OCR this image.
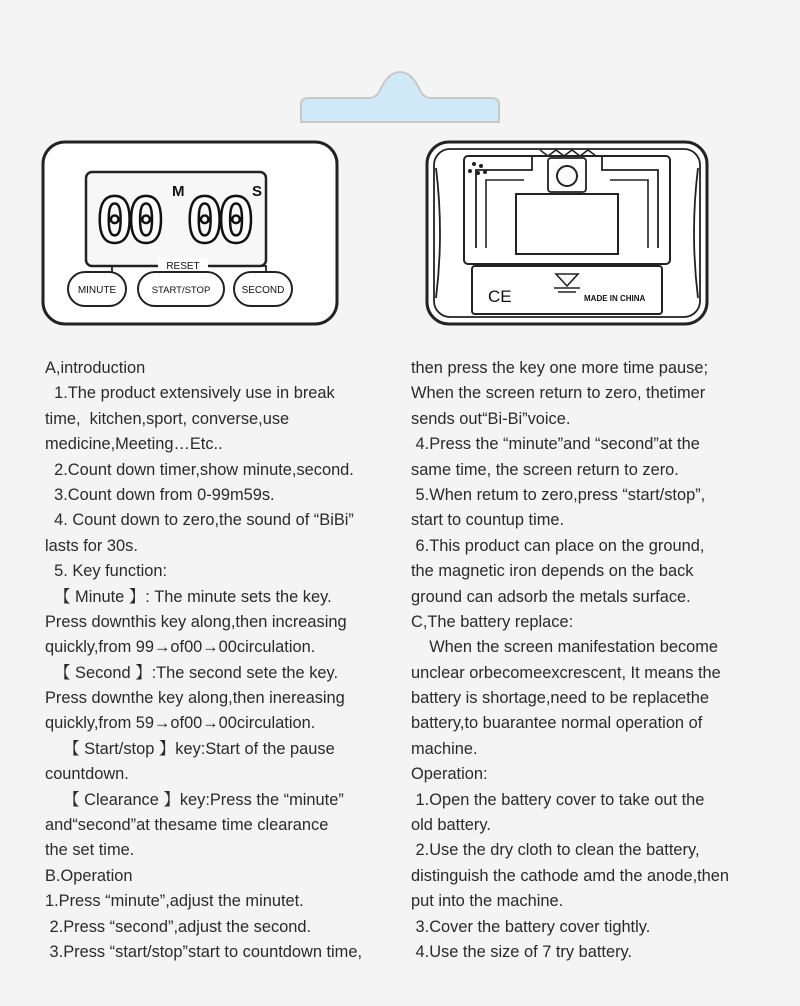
00 M 00 S
RESET
MINUTE	START/STOP	SECOND	CE	MADE IN CHINA
A,introduction
1.The product extensively use in break
time,  kitchen,sport, converse,use
medicine,Meeting…Etc..
2.Count down timer,show minute,second.
3.Count down from 0-99m59s.
4. Count down to zero,the sound of “BiBi”
lasts for 30s.
5. Key function:
【 Minute 】: The minute sets the key.
Press downthis key along,then increasing
quickly,from 99→of00→00circulation.
【 Second 】:The second sete the key.
Press downthe key along,then inereasing
quickly,from 59→of00→00circulation.
【 Start/stop 】key:Start of the pause
countdown.
【 Clearance 】key:Press the “minute”
and“second”at thesame time clearance
the set time.
B.Operation
1.Press “minute”,adjust the minutet.
2.Press “second”,adjust the second.
3.Press “start/stop”start to countdown time,
then press the key one more time pause;
When the screen return to zero, thetimer
sends out“Bi-Bi”voice.
4.Press the “minute”and “second”at the
same time, the screen return to zero.
5.When retum to zero,press “start/stop”,
start to countup time.
6.This product can place on the ground,
the magnetic iron depends on the back
ground can adsorb the metals surface.
C,The battery replace:
When the screen manifestation become
unclear orbecomeexcrescent, It means the
battery is shortage,need to be replacethe
battery,to buarantee normal operation of
machine.
Operation:
1.Open the battery cover to take out the
old battery.
2.Use the dry cloth to clean the battery,
distinguish the cathode amd the anode,then
put into the machine.
3.Cover the battery cover tightly.
4.Use the size of 7 try battery.
